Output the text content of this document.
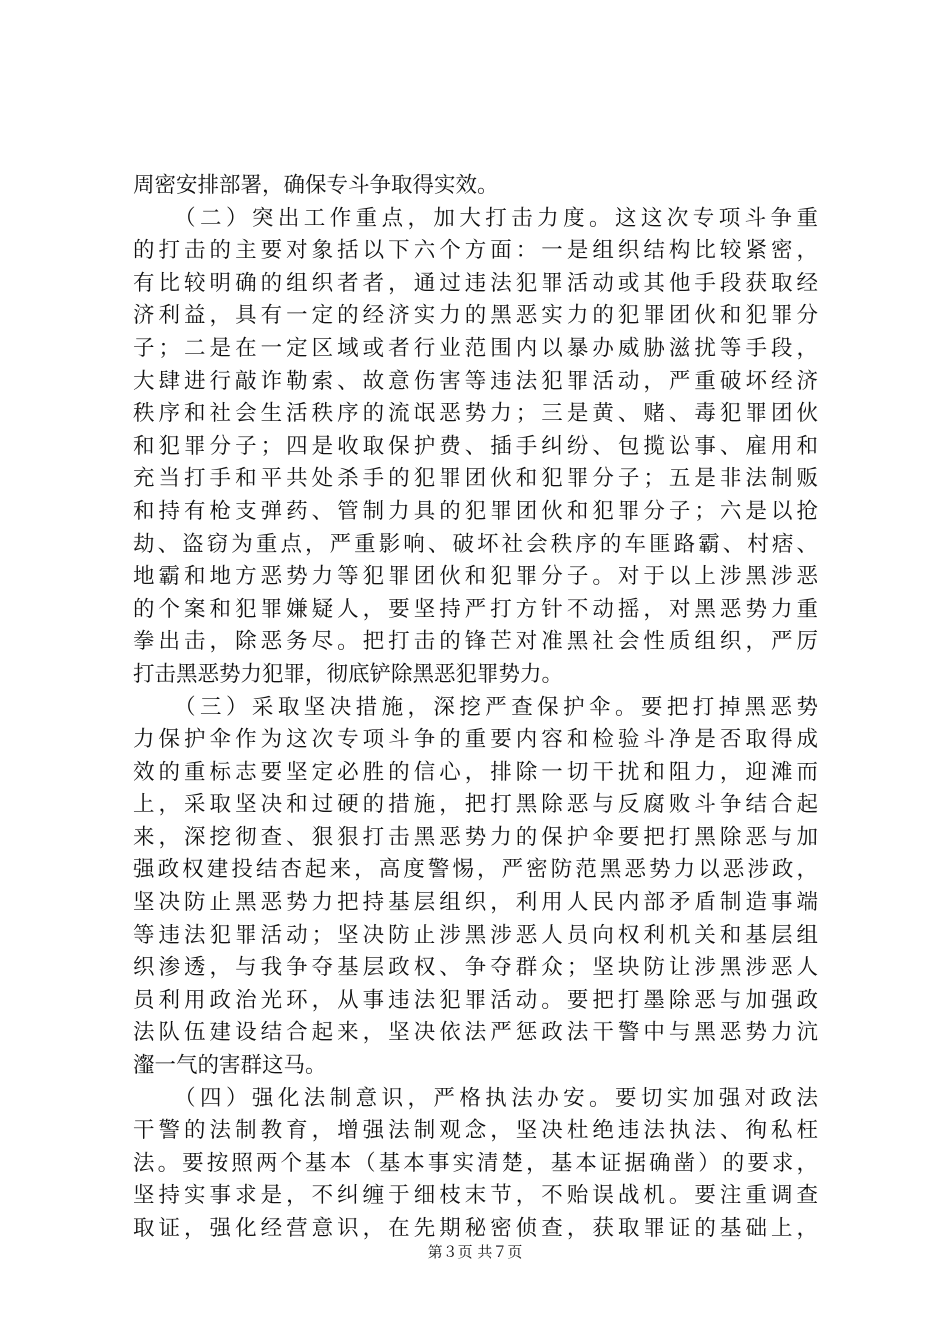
周密安排部署，确保专斗争取得实效。
　　（二）突出工作重点，加大打击力度。这这次专项斗争重
的打击的主要对象括以下六个方面：一是组织结构比较紧密，
有比较明确的组织者者，通过违法犯罪活动或其他手段获取经
济利益，具有一定的经济实力的黑恶实力的犯罪团伙和犯罪分
子；二是在一定区域或者行业范围内以暴办威胁滋扰等手段，
大肆进行敲诈勒索、故意伤害等违法犯罪活动，严重破坏经济
秩序和社会生活秩序的流氓恶势力；三是黄、赌、毒犯罪团伙
和犯罪分子；四是收取保护费、插手纠纷、包揽讼事、雇用和
充当打手和平共处杀手的犯罪团伙和犯罪分子；五是非法制贩
和持有枪支弹药、管制力具的犯罪团伙和犯罪分子；六是以抢
劫、盗窃为重点，严重影响、破坏社会秩序的车匪路霸、村痞、
地霸和地方恶势力等犯罪团伙和犯罪分子。对于以上涉黑涉恶
的个案和犯罪嫌疑人，要坚持严打方针不动摇，对黑恶势力重
拳出击，除恶务尽。把打击的锋芒对准黑社会性质组织，严厉
打击黑恶势力犯罪，彻底铲除黑恶犯罪势力。
　　（三）采取坚决措施，深挖严查保护伞。要把打掉黑恶势
力保护伞作为这次专项斗争的重要内容和检验斗净是否取得成
效的重标志要坚定必胜的信心，排除一切干扰和阻力，迎滩而
上，采取坚决和过硬的措施，把打黑除恶与反腐败斗争结合起
来，深挖彻查、狠狠打击黑恶势力的保护伞要把打黑除恶与加
强政权建投结杏起来，高度警惕，严密防范黑恶势力以恶涉政，
坚决防止黑恶势力把持基层组织，利用人民内部矛盾制造事端
等违法犯罪活动；坚决防止涉黑涉恶人员向权利机关和基层组
织渗透，与我争夺基层政权、争夺群众；坚块防让涉黑涉恶人
员利用政治光环，从事违法犯罪活动。要把打墨除恶与加强政
法队伍建设结合起来，坚决依法严惩政法干警中与黑恶势力沆
瀣一气的害群这马。
　　（四）强化法制意识，严格执法办安。要切实加强对政法
干警的法制教育，增强法制观念，坚决杜绝违法执法、徇私枉
法。要按照两个基本（基本事实清楚，基本证据确凿）的要求，
坚持实事求是，不纠缠于细枝末节，不贻误战机。要注重调查
取证，强化经营意识，在先期秘密侦查，获取罪证的基础上，
第３页 共７页
